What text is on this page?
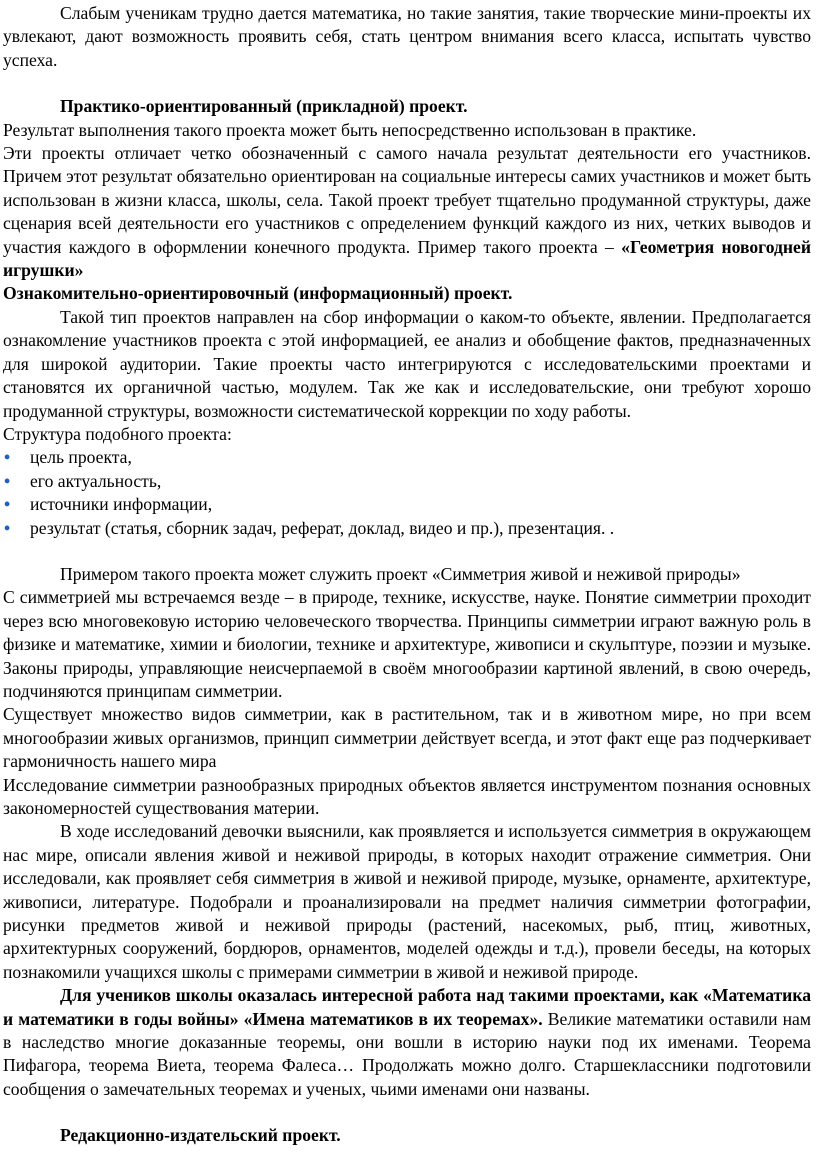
Слабым ученикам трудно дается математика, но такие занятия, такие творческие мини-проекты их увлекают, дают возможность проявить себя, стать центром внимания всего класса, испытать чувство успеха.

Практико-ориентированный (прикладной) проект.

Результат выполнения такого проекта может быть непосредственно использован в практике.

Эти проекты отличает четко обозначенный с самого начала результат деятельности его участников. Причем этот результат обязательно ориентирован на социальные интересы самих участников и может быть использован в жизни класса, школы, села. Такой проект требует тщательно продуманной структуры, даже сценария всей деятельности его участников с определением функций каждого из них, четких выводов и участия каждого в оформлении конечного продукта. Пример такого проекта – «Геометрия новогодней игрушки»

Ознакомительно-ориентировочный (информационный) проект.

Такой тип проектов направлен на сбор информации о каком-то объекте, явлении. Предполагается ознакомление участников проекта с этой информацией, ее анализ и обобщение фактов, предназначенных для широкой аудитории. Такие проекты часто интегрируются с исследовательскими проектами и становятся их органичной частью, модулем. Так же как и исследовательские, они требуют хорошо продуманной структуры, возможности систематической коррекции по ходу работы.

Структура подобного проекта:

• цель проекта,
• его актуальность,
• источники информации,
• результат (статья, сборник задач, реферат, доклад, видео и пр.), презентация. .

Примером такого проекта может служить проект «Симметрия живой и неживой природы»

С симметрией мы встречаемся везде – в природе, технике, искусстве, науке. Понятие симметрии проходит через всю многовековую историю человеческого творчества. Принципы симметрии играют важную роль в физике и математике, химии и биологии, технике и архитектуре, живописи и скульптуре, поэзии и музыке. Законы природы, управляющие неисчерпаемой в своём многообразии картиной явлений, в свою очередь, подчиняются принципам симметрии.

Существует множество видов симметрии, как в растительном, так и в животном мире, но при всем многообразии живых организмов, принцип симметрии действует всегда, и этот факт еще раз подчеркивает гармоничность нашего мира

Исследование симметрии разнообразных природных объектов является инструментом познания основных закономерностей существования материи.

В ходе исследований девочки выяснили, как проявляется и используется симметрия в окружающем нас мире, описали явления живой и неживой природы, в которых находит отражение симметрия. Они исследовали, как проявляет себя симметрия в живой и неживой природе, музыке, орнаменте, архитектуре, живописи, литературе. Подобрали и проанализировали на предмет наличия симметрии фотографии, рисунки предметов живой и неживой природы (растений, насекомых, рыб, птиц, животных, архитектурных сооружений, бордюров, орнаментов, моделей одежды и т.д.), провели беседы, на которых познакомили учащихся школы с примерами симметрии в живой и неживой природе.

Для учеников школы оказалась интересной работа над такими проектами, как «Математика и математики в годы войны» «Имена математиков в их теоремах». Великие математики оставили нам в наследство многие доказанные теоремы, они вошли в историю науки под их именами. Теорема Пифагора, теорема Виета, теорема Фалеса… Продолжать можно долго. Старшеклассники подготовили сообщения о замечательных теоремах и ученых, чьими именами они названы.

Редакционно-издательский проект.
